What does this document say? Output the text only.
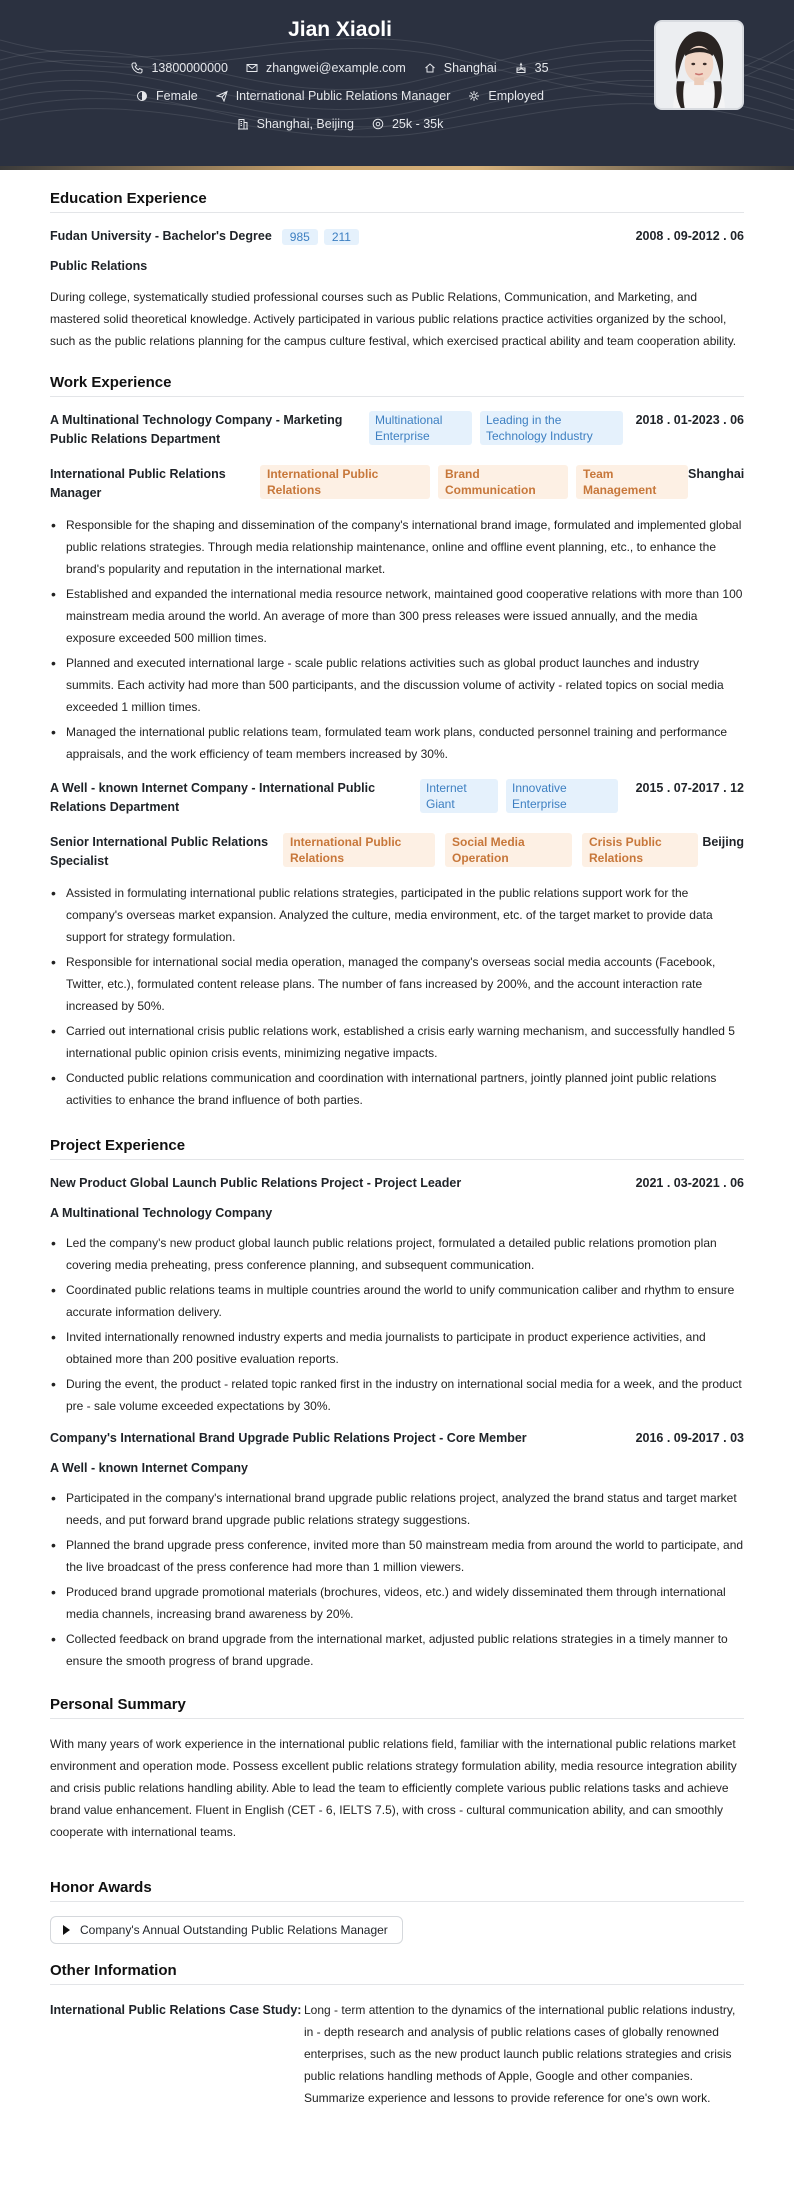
Jian Xiaoli
13800000000	zhangwei@example.com	Shanghai	35
Female	International Public Relations Manager	Employed
Shanghai, Beijing	25k - 35k
Education Experience
Fudan University - Bachelor's Degree	985	211	2008 . 09-2012 . 06
Public Relations
During college, systematically studied professional courses such as Public Relations, Communication, and Marketing, and mastered solid theoretical knowledge. Actively participated in various public relations practice activities organized by the school, such as the public relations planning for the campus culture festival, which exercised practical ability and team cooperation ability.
Work Experience
A Multinational Technology Company - Marketing Public Relations Department
Multinational Enterprise
Leading in the Technology Industry
2018 . 01-2023 . 06
International Public Relations Manager
International Public Relations
Brand Communication
Team Management
Shanghai
• Responsible for the shaping and dissemination of the company's international brand image, formulated and implemented global public relations strategies. Through media relationship maintenance, online and offline event planning, etc., to enhance the brand's popularity and reputation in the international market.
• Established and expanded the international media resource network, maintained good cooperative relations with more than 100 mainstream media around the world. An average of more than 300 press releases were issued annually, and the media exposure exceeded 500 million times.
• Planned and executed international large - scale public relations activities such as global product launches and industry summits. Each activity had more than 500 participants, and the discussion volume of activity - related topics on social media exceeded 1 million times.
• Managed the international public relations team, formulated team work plans, conducted personnel training and performance appraisals, and the work efficiency of team members increased by 30%.
A Well - known Internet Company - International Public Relations Department
Internet Giant
Innovative Enterprise
2015 . 07-2017 . 12
Senior International Public Relations Specialist
International Public Relations
Social Media Operation
Crisis Public Relations
Beijing
• Assisted in formulating international public relations strategies, participated in the public relations support work for the company's overseas market expansion. Analyzed the culture, media environment, etc. of the target market to provide data support for strategy formulation.
• Responsible for international social media operation, managed the company's overseas social media accounts (Facebook, Twitter, etc.), formulated content release plans. The number of fans increased by 200%, and the account interaction rate increased by 50%.
• Carried out international crisis public relations work, established a crisis early warning mechanism, and successfully handled 5 international public opinion crisis events, minimizing negative impacts.
• Conducted public relations communication and coordination with international partners, jointly planned joint public relations activities to enhance the brand influence of both parties.
Project Experience
New Product Global Launch Public Relations Project - Project Leader	2021 . 03-2021 . 06
A Multinational Technology Company
• Led the company's new product global launch public relations project, formulated a detailed public relations promotion plan covering media preheating, press conference planning, and subsequent communication.
• Coordinated public relations teams in multiple countries around the world to unify communication caliber and rhythm to ensure accurate information delivery.
• Invited internationally renowned industry experts and media journalists to participate in product experience activities, and obtained more than 200 positive evaluation reports.
• During the event, the product - related topic ranked first in the industry on international social media for a week, and the product pre - sale volume exceeded expectations by 30%.
Company's International Brand Upgrade Public Relations Project - Core Member	2016 . 09-2017 . 03
A Well - known Internet Company
• Participated in the company's international brand upgrade public relations project, analyzed the brand status and target market needs, and put forward brand upgrade public relations strategy suggestions.
• Planned the brand upgrade press conference, invited more than 50 mainstream media from around the world to participate, and the live broadcast of the press conference had more than 1 million viewers.
• Produced brand upgrade promotional materials (brochures, videos, etc.) and widely disseminated them through international media channels, increasing brand awareness by 20%.
• Collected feedback on brand upgrade from the international market, adjusted public relations strategies in a timely manner to ensure the smooth progress of brand upgrade.
Personal Summary
With many years of work experience in the international public relations field, familiar with the international public relations market environment and operation mode. Possess excellent public relations strategy formulation ability, media resource integration ability and crisis public relations handling ability. Able to lead the team to efficiently complete various public relations tasks and achieve brand value enhancement. Fluent in English (CET - 6, IELTS 7.5), with cross - cultural communication ability, and can smoothly cooperate with international teams.
Honor Awards
Company's Annual Outstanding Public Relations Manager
Other Information
International Public Relations Case Study: Long - term attention to the dynamics of the international public relations industry, in - depth research and analysis of public relations cases of globally renowned enterprises, such as the new product launch public relations strategies and crisis public relations handling methods of Apple, Google and other companies. Summarize experience and lessons to provide reference for one's own work.
